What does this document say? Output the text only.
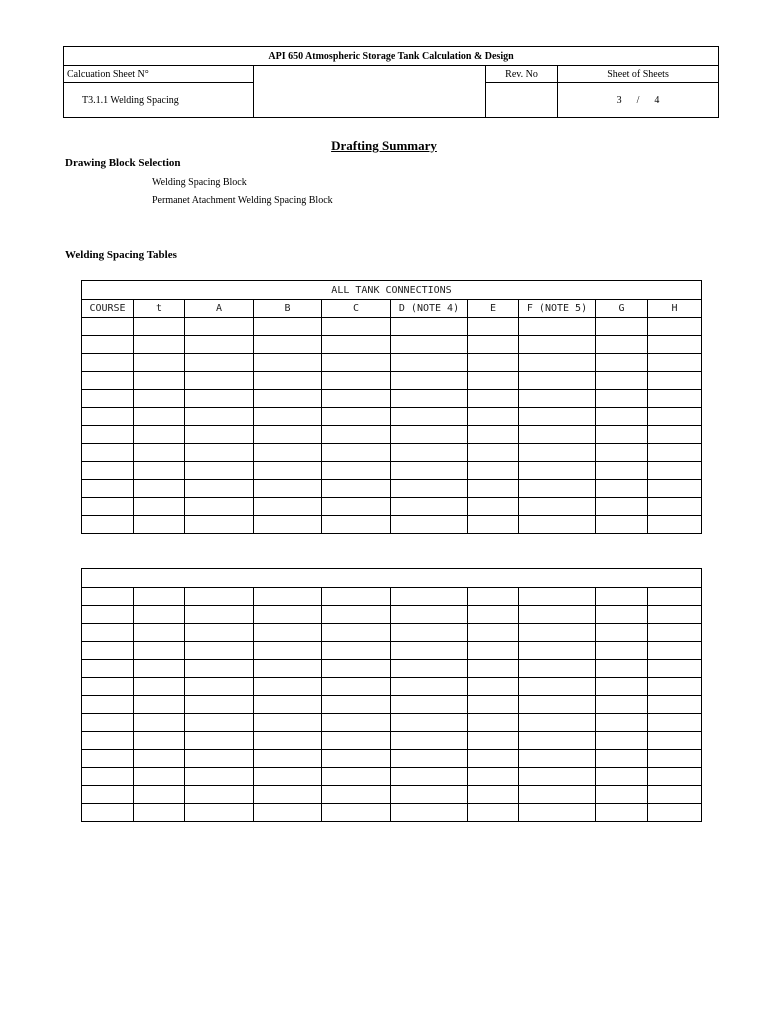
API 650 Atmospheric Storage Tank Calculation & Design			
Calcuation Sheet N°		Rev. No	Sheet of Sheets
T3.1.1 Welding Spacing			3      /      4
Drafting Summary
Drawing Block Selection
Welding Spacing Block
Permanet Atachment Welding Spacing Block
Welding Spacing Tables
ALL TANK CONNECTIONS									
COURSE	t	A	B	C	D (NOTE 4)	E	F (NOTE 5)	G	H
